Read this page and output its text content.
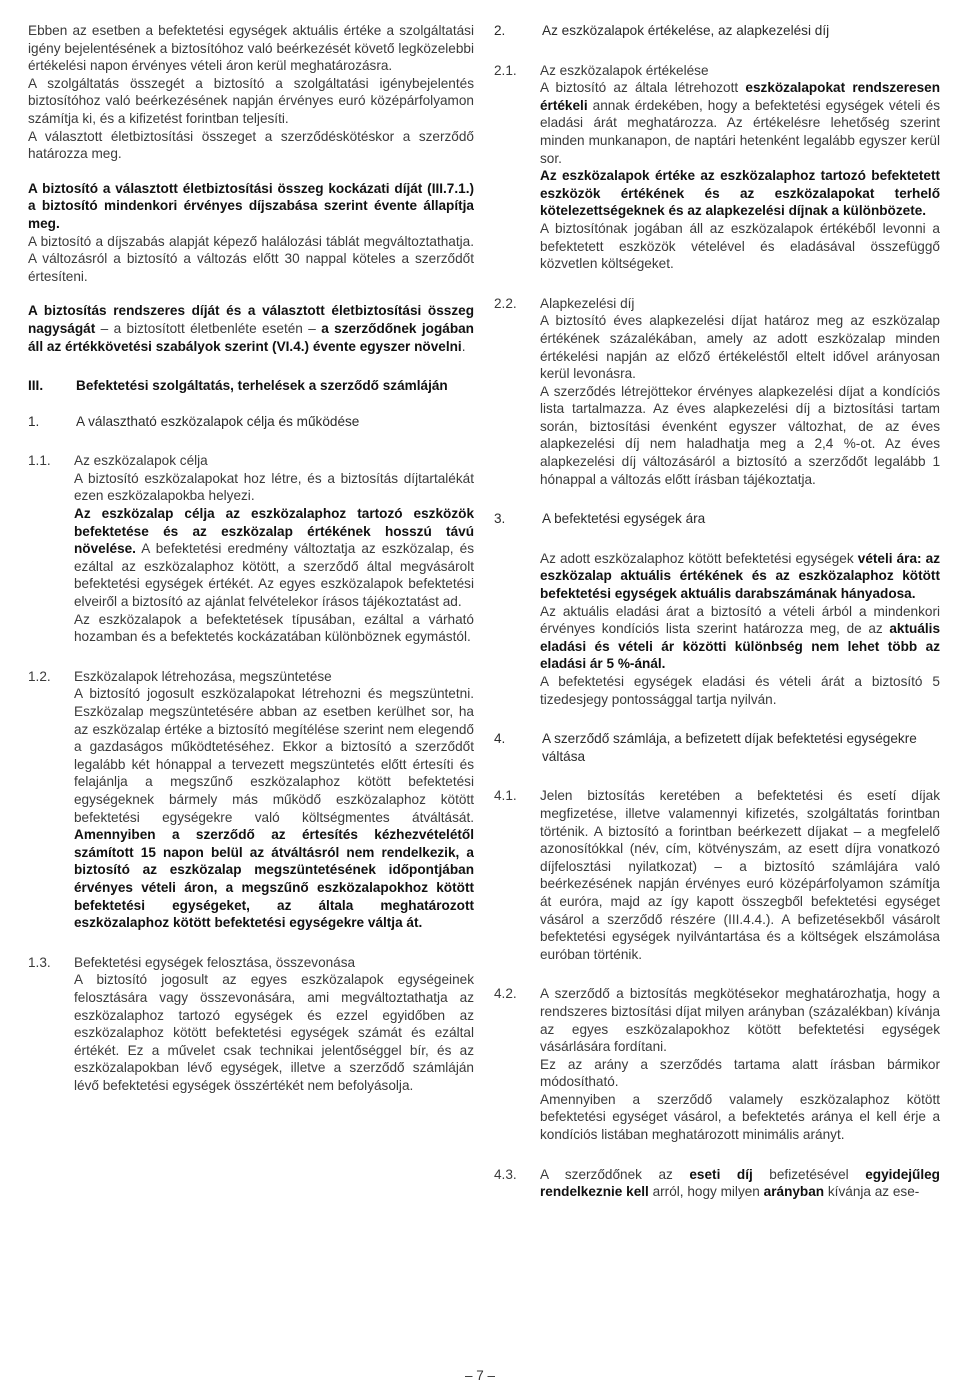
Ebben az esetben a befektetési egységek aktuális értéke a szolgáltatási igény bejelentésének a biztosítóhoz való beérkezését követő legközelebbi értékelési napon érvényes vételi áron kerül meghatározásra.

A szolgáltatás összegét a biztosító a szolgáltatási igénybejelentés biztosítóhoz való beérkezésének napján érvényes euró középárfolyamon számítja ki, és a kifizetést forintban teljesíti.

A választott életbiztosítási összeget a szerződéskötéskor a szerződő határozza meg.

A biztosító a választott életbiztosítási összeg kockázati díját (III.7.1.) a biztosító mindenkori érvényes díjszabása szerint évente állapítja meg.

A biztosító a díjszabás alapját képező halálozási táblát megváltoztathatja. A változásról a biztosító a változás előtt 30 nappal köteles a szerződőt értesíteni.

A biztosítás rendszeres díját és a választott életbiztosítási összeg nagyságát – a biztosított életbenléte esetén – a szerződőnek jogában áll az értékkövetési szabályok szerint (VI.4.) évente egyszer növelni.

III.	Befektetési szolgáltatás, terhelések a szerződő számláján
1.	A választható eszközalapok célja és működése
1.1.	Az eszközalapok célja

A biztosító eszközalapokat hoz létre, és a biztosítás díjtartalékát ezen eszközalapokba helyezi.

Az eszközalap célja az eszközalaphoz tartozó eszközök befektetése és az eszközalap értékének hosszú távú növelése. A befektetési eredmény változtatja az eszközalap, és ezáltal az eszközalaphoz kötött, a szerződő által megvásárolt befektetési egységek értékét. Az egyes eszközalapok befektetési elveiről a biztosító az ajánlat felvételekor írásos tájékoztatást ad.

Az eszközalapok a befektetések típusában, ezáltal a várható hozamban és a befektetés kockázatában különböznek egymástól.

1.2.	Eszközalapok létrehozása, megszüntetése

A biztosító jogosult eszközalapokat létrehozni és megszüntetni. Eszközalap megszüntetésére abban az esetben kerülhet sor, ha az eszközalap értéke a biztosító megítélése szerint nem elegendő a gazdaságos működtetéséhez. Ekkor a biztosító a szerződőt legalább két hónappal a tervezett megszüntetés előtt értesíti és felajánlja a megszűnő eszközalaphoz kötött befektetési egységeknek bármely más működő eszközalaphoz kötött befektetési egységekre való költségmentes átváltását. Amennyiben a szerződő az értesítés kézhezvételétől számított 15 napon belül az átváltásról nem rendelkezik, a biztosító az eszközalap megszüntetésének időpontjában érvényes vételi áron, a megszűnő eszközalapokhoz kötött befektetési egységeket, az általa meghatározott eszközalaphoz kötött befektetési egységekre váltja át.

1.3.	Befektetési egységek felosztása, összevonása

A biztosító jogosult az egyes eszközalapok egységeinek felosztására vagy összevonására, ami megváltoztathatja az eszközalaphoz tartozó egységek és ezzel egyidőben az eszközalaphoz kötött befektetési egységek számát és ezáltal értékét. Ez a művelet csak technikai jelentőséggel bír, és az eszközalapokban lévő egységek, illetve a szerződő számláján lévő befektetési egységek összértékét nem befolyásolja.

2.	Az eszközalapok értékelése, az alapkezelési díj
2.1.	Az eszközalapok értékelése

A biztosító az általa létrehozott eszközalapokat rendszeresen értékeli annak érdekében, hogy a befektetési egységek vételi és eladási árát meghatározza. Az értékelésre lehetőség szerint minden munkanapon, de naptári hetenként legalább egyszer kerül sor.

Az eszközalapok értéke az eszközalaphoz tartozó befektetett eszközök értékének és az eszközalapokat terhelő kötelezettségeknek és az alapkezelési díjnak a különbözete.

A biztosítónak jogában áll az eszközalapok értékéből levonni a befektetett eszközök vételével és eladásával összefüggő közvetlen költségeket.

2.2.	Alapkezelési díj

A biztosító éves alapkezelési díjat határoz meg az eszközalap értékének százalékában, amely az adott eszközalap minden értékelési napján az előző értékeléstől eltelt idővel arányosan kerül levonásra.

A szerződés létrejöttekor érvényes alapkezelési díjat a kondíciós lista tartalmazza. Az éves alapkezelési díj a biztosítási tartam során, biztosítási évenként egyszer változhat, de az éves alapkezelési díj nem haladhatja meg a 2,4 %-ot. Az éves alapkezelési díj változásáról a biztosító a szerződőt legalább 1 hónappal a változás előtt írásban tájékoztatja.

3.	A befektetési egységek ára

Az adott eszközalaphoz kötött befektetési egységek vételi ára: az eszközalap aktuális értékének és az eszközalaphoz kötött befektetési egységek aktuális darabszámának hányadosa.

Az aktuális eladási árat a biztosító a vételi árból a mindenkori érvényes kondíciós lista szerint határozza meg, de az aktuális eladási és vételi ár közötti különbség nem lehet több az eladási ár 5 %-ánál.

A befektetési egységek eladási és vételi árát a biztosító 5 tizedesjegy pontossággal tartja nyilván.

4.	A szerződő számlája, a befizetett díjak befektetési egységekre váltása
4.1.	Jelen biztosítás keretében a befektetési és esetí díjak megfizetése, illetve valamennyi kifizetés, szolgáltatás forintban történik. A biztosító a forintban beérkezett díjakat – a megfelelő azonosítókkal (név, cím, kötvényszám, az esett díjra vonatkozó díjfelosztási nyilatkozat) – a biztosító számlájára való beérkezésének napján érvényes euró középárfolyamon számítja át euróra, majd az így kapott összegből befektetési egységet vásárol a szerződő részére (III.4.4.). A befizetésekből vásárolt befektetési egységek nyilvántartása és a költségek elszámolása euróban történik.

4.2.	A szerződő a biztosítás megkötésekor meghatározhatja, hogy a rendszeres biztosítási díjat milyen arányban (százalékban) kívánja az egyes eszközalapokhoz kötött befektetési egységek vásárlására fordítani.

Ez az arány a szerződés tartama alatt írásban bármikor módosítható.

Amennyiben a szerződő valamely eszközalaphoz kötött befektetési egységet vásárol, a befektetés aránya el kell érje a kondíciós listában meghatározott minimális arányt.

4.3.	A szerződőnek az eseti díj befizetésével egyidejűleg rendelkeznie kell arról, hogy milyen arányban kívánja az ese-

– 7 –
